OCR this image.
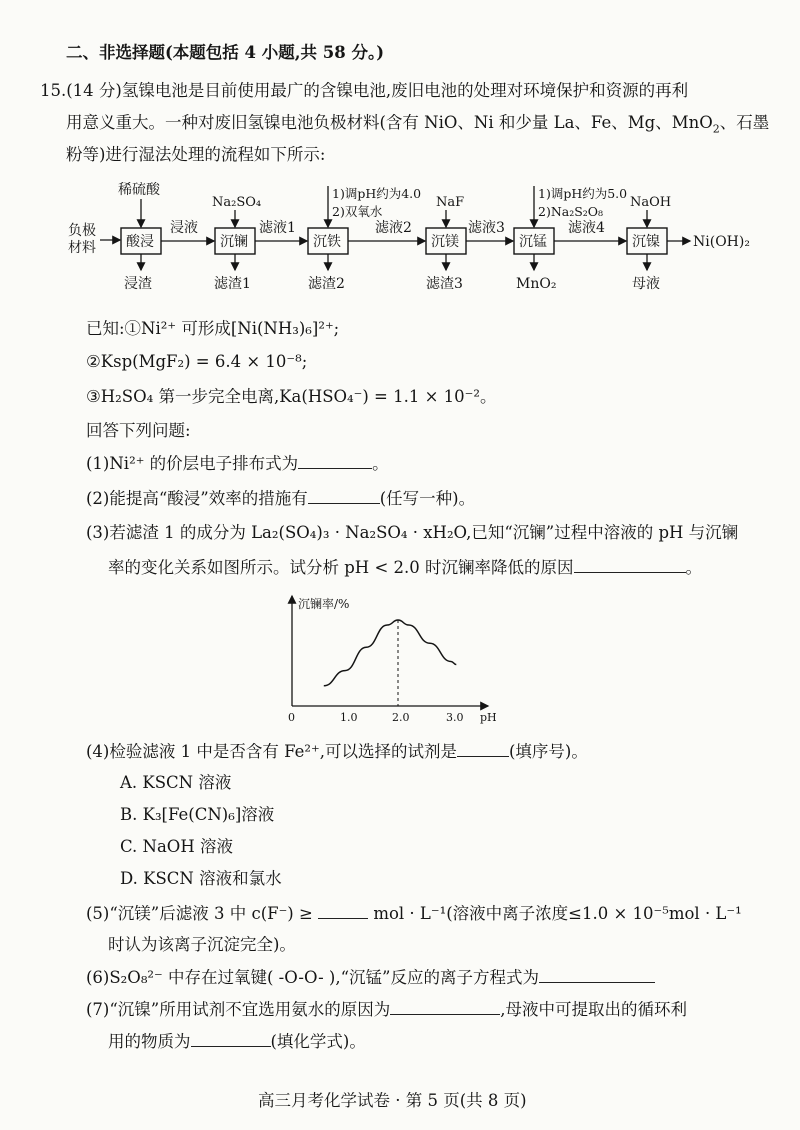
二、非选择题(本题包括 4 小题,共 58 分。)
15.(14 分)氢镍电池是目前使用最广的含镍电池,废旧电池的处理对环境保护和资源的再利
用意义重大。一种对废旧氢镍电池负极材料(含有 NiO、Ni 和少量 La、Fe、Mg、MnO$_2$、石墨
粉等)进行湿法处理的流程如下所示:
负极
材料 酸浸	沉镧	沉铁	沉镁	沉锰	沉镍
浸液	滤液1	滤液2	滤液3	滤液4
Ni(OH)₂
稀硫酸
Na₂SO₄
1)调pH约为4.0
2)双氧水
NaF
1)调pH约为5.0
2)Na₂S₂O₈
NaOH
浸渣	滤渣1	滤渣2	滤渣3	MnO₂	母液
已知:①Ni²⁺ 可形成[Ni(NH₃)₆]²⁺;
②Ksp(MgF₂) = 6.4 × 10⁻⁸;
③H₂SO₄ 第一步完全电离,Ka(HSO₄⁻) = 1.1 × 10⁻²。
回答下列问题:
(1)Ni²⁺ 的价层电子排布式为	。
(2)能提高“酸浸”效率的措施有	(任写一种)。
(3)若滤渣 1 的成分为 La₂(SO₄)₃ · Na₂SO₄ · xH₂O,已知“沉镧”过程中溶液的 pH 与沉镧
率的变化关系如图所示。试分析 pH < 2.0 时沉镧率降低的原因	。
沉镧率/%
pH
0	1.0	2.0	3.0
(4)检验滤液 1 中是否含有 Fe²⁺,可以选择的试剂是	(填序号)。
A. KSCN 溶液
B. K₃[Fe(CN)₆]溶液
C. NaOH 溶液
D. KSCN 溶液和氯水
(5)“沉镁”后滤液 3 中 c(F⁻) ≥	mol · L⁻¹(溶液中离子浓度≤1.0 × 10⁻⁵mol · L⁻¹
时认为该离子沉淀完全)。
(6)S₂O₈²⁻ 中存在过氧键( -O-O- ),“沉锰”反应的离子方程式为
(7)“沉镍”所用试剂不宜选用氨水的原因为	,母液中可提取出的循环利
用的物质为	(填化学式)。
高三月考化学试卷 · 第 5 页(共 8 页)
